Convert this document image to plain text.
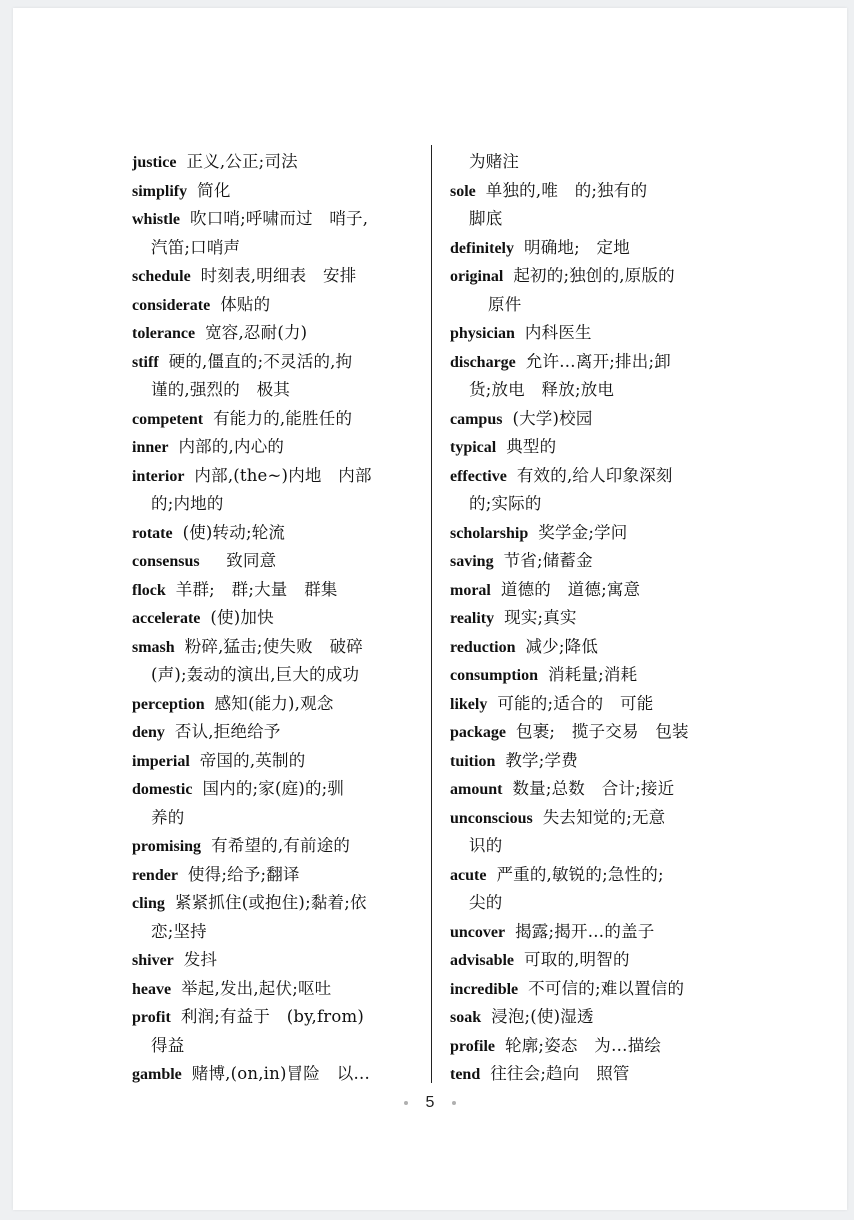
justice 正义,公正;司法
simplify 简化
whistle 吹口哨;呼啸而过　哨子,
汽笛;口哨声
schedule 时刻表,明细表　安排
considerate 体贴的
tolerance 宽容,忍耐(力)
stiff 硬的,僵直的;不灵活的,拘
谨的,强烈的　极其
competent 有能力的,能胜任的
inner 内部的,内心的
interior 内部,(the~)内地　内部
的;内地的
rotate (使)转动;轮流
consensus　致同意
flock 羊群;　群;大量　群集
accelerate (使)加快
smash 粉碎,猛击;使失败　破碎
(声);轰动的演出,巨大的成功
perception 感知(能力),观念
deny 否认,拒绝给予
imperial 帝国的,英制的
domestic 国内的;家(庭)的;驯
养的
promising 有希望的,有前途的
render 使得;给予;翻译
cling 紧紧抓住(或抱住);黏着;依
恋;坚持
shiver 发抖
heave 举起,发出,起伏;呕吐
profit 利润;有益于　(by,from)
得益
gamble 赌博,(on,in)冒险　以…
为赌注
sole 单独的,唯　的;独有的
脚底
definitely 明确地;　定地
original 起初的;独创的,原版的
原件
physician 内科医生
discharge 允许…离开;排出;卸
货;放电　释放;放电
campus (大学)校园
typical 典型的
effective 有效的,给人印象深刻
的;实际的
scholarship 奖学金;学问
saving 节省;储蓄金
moral 道德的　道德;寓意
reality 现实;真实
reduction 减少;降低
consumption 消耗量;消耗
likely 可能的;适合的　可能
package 包裹;　揽子交易　包装
tuition 教学;学费
amount 数量;总数　合计;接近
unconscious 失去知觉的;无意
识的
acute 严重的,敏锐的;急性的;
尖的
uncover 揭露;揭开…的盖子
advisable 可取的,明智的
incredible 不可信的;难以置信的
soak 浸泡;(使)湿透
profile 轮廓;姿态　为…描绘
tend 往往会;趋向　照管
5
